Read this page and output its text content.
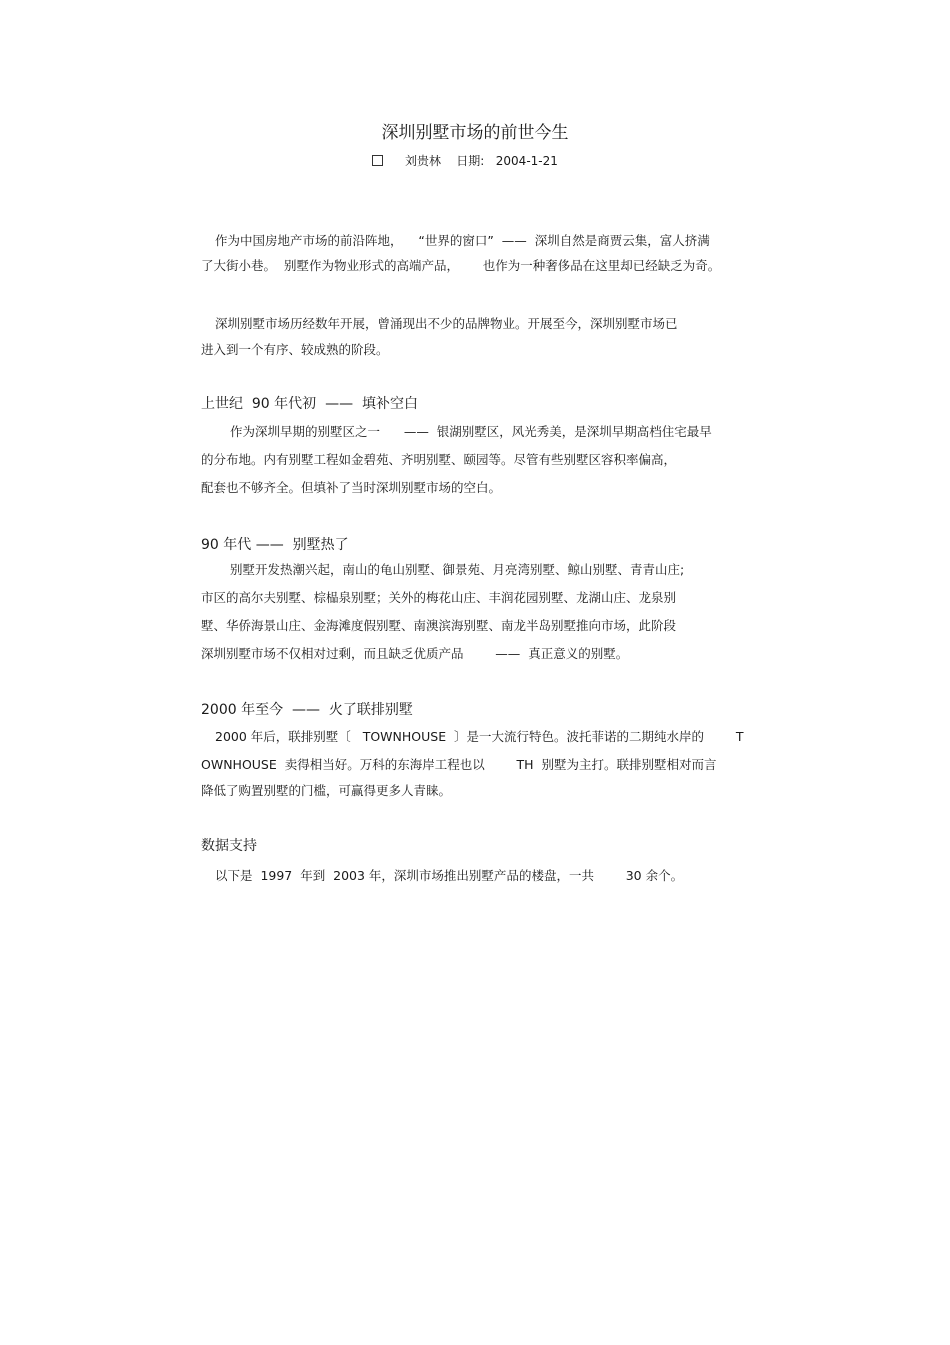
深圳别墅市场的前世今生
刘贵林 日期: 2004-1-21
作为中国房地产市场的前沿阵地，    “世界的窗口”  ——  深圳自然是商贾云集，富人挤满
了大街小巷。  别墅作为物业形式的高端产品，      也作为一种奢侈品在这里却已经缺乏为奇。
深圳别墅市场历经数年开展，曾涌现出不少的品牌物业。开展至今，深圳别墅市场已
进入到一个有序、较成熟的阶段。
上世纪  90 年代初  ——  填补空白
作为深圳早期的别墅区之一      ——  银湖别墅区，风光秀美，是深圳早期高档住宅最早
的分布地。内有别墅工程如金碧苑、齐明别墅、颐园等。尽管有些别墅区容积率偏高，
配套也不够齐全。但填补了当时深圳别墅市场的空白。
90 年代 ——  别墅热了
别墅开发热潮兴起，南山的龟山别墅、御景苑、月亮湾别墅、鲸山别墅、青青山庄;
市区的高尔夫别墅、棕榀泉别墅；关外的梅花山庄、丰润花园别墅、龙湖山庄、龙泉别
墅、华侨海景山庄、金海滩度假别墅、南澳滨海别墅、南龙半岛别墅推向市场，此阶段
深圳别墅市场不仅相对过剩，而且缺乏优质产品        ——  真正意义的别墅。
2000 年至今  ——  火了联排别墅
2000 年后，联排别墅〔   TOWNHOUSE  〕是一大流行特色。波托菲诺的二期纯水岸的        T
OWNHOUSE  卖得相当好。万科的东海岸工程也以        TH  别墅为主打。联排别墅相对而言
降低了购置别墅的门槛，可赢得更多人青睐。
数据支持
以下是  1997  年到  2003 年，深圳市场推出别墅产品的楼盘，一共        30 余个。
